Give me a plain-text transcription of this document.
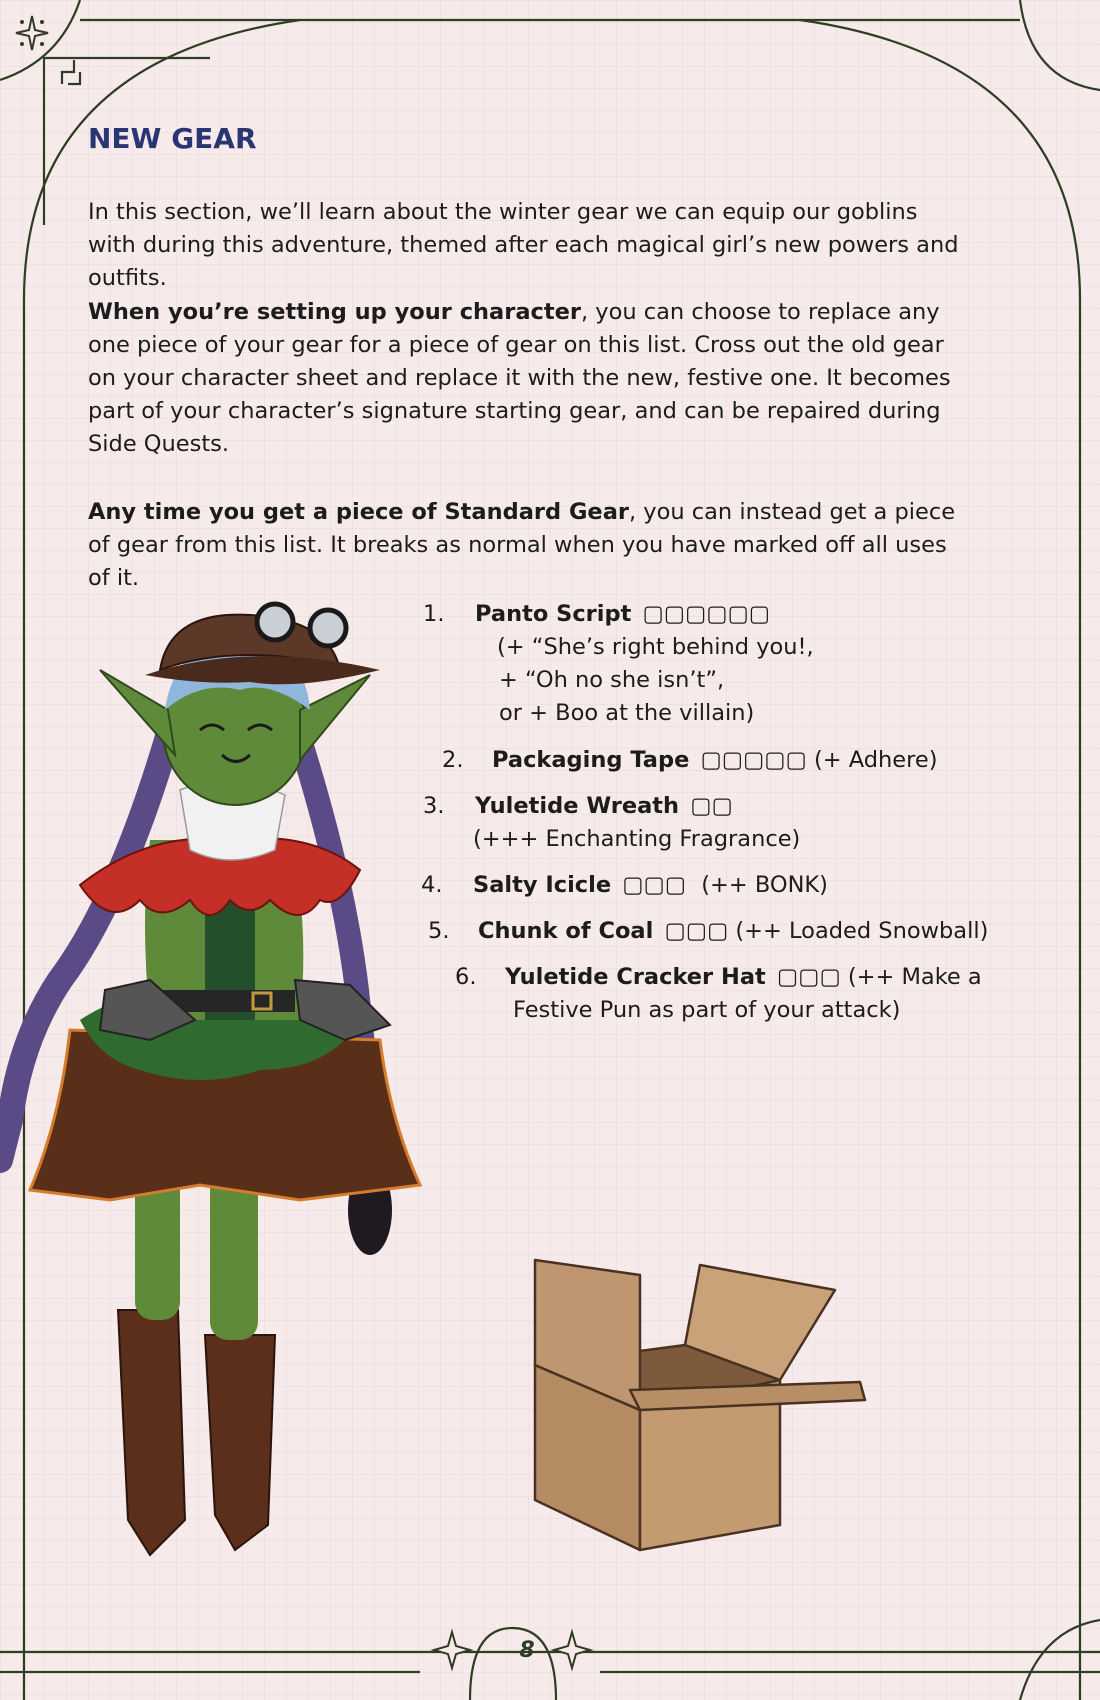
NEW GEAR

In this section, we’ll learn about the winter gear we can equip our goblins with during this adventure, themed after each magical girl’s new powers and outfits.

When you’re setting up your character, you can choose to replace any one piece of your gear for a piece of gear on this list. Cross out the old gear on your character sheet and replace it with the new, festive one. It becomes part of your character’s signature starting gear, and can be repaired during Side Quests.

Any time you get a piece of Standard Gear, you can instead get a piece of gear from this list. It breaks as normal when you have marked off all uses of it.

1. Panto Script ▢▢▢▢▢▢
(+ “She’s right behind you!,
+ “Oh no she isn’t”,
or + Boo at the villain)
2. Packaging Tape ▢▢▢▢▢ (+ Adhere)
3. Yuletide Wreath ▢▢
(+++ Enchanting Fragrance)
4. Salty Icicle ▢▢▢ (++ BONK)
5. Chunk of Coal ▢▢▢ (++ Loaded Snowball)
6. Yuletide Cracker Hat ▢▢▢ (++ Make a
Festive Pun as part of your attack)
8
